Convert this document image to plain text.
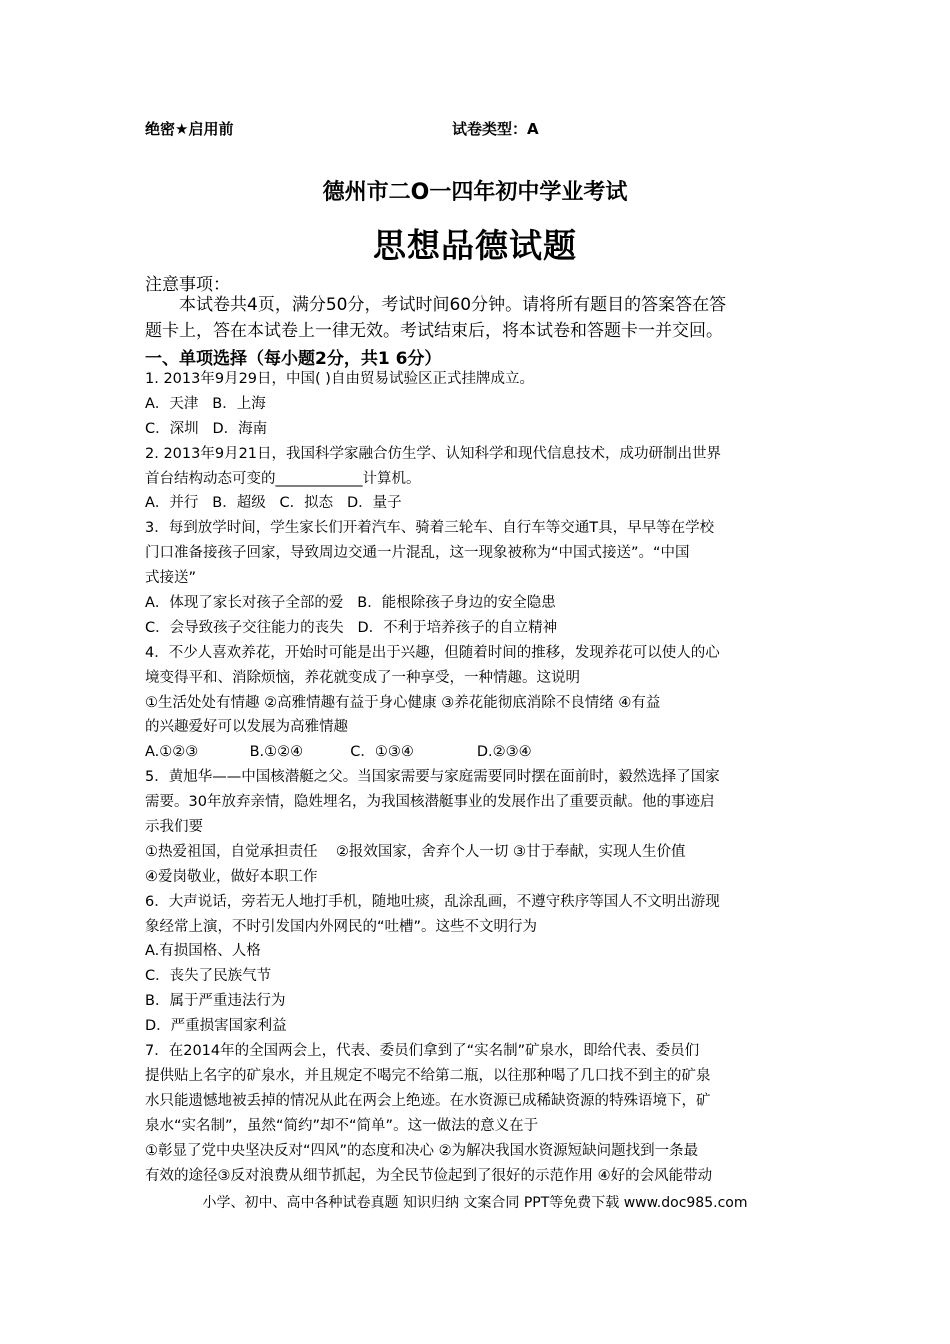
绝密★启用前	试卷类型：A
德州市二O一四年初中学业考试
思想品德试题
注意事项：
本试卷共4页，满分50分，考试时间60分钟。请将所有题目的答案答在答
题卡上，答在本试卷上一律无效。考试结束后，将本试卷和答题卡一并交回。
一、单项选择（每小题2分，共1 6分）
1. 2013年9月29日，中国( )自由贸易试验区正式挂牌成立。
A．天津 B．上海
C．深圳 D．海南
2. 2013年9月21日，我国科学家融合仿生学、认知科学和现代信息技术，成功研制出世界
首台结构动态可变的____________计算机。
A．并行 B．超级 C．拟态 D．量子
3．每到放学时间，学生家长们开着汽车、骑着三轮车、自行车等交通T具，早早等在学校
门口准备接孩子回家，导致周边交通一片混乱，这一现象被称为“中国式接送”。“中国
式接送”
A．体现了家长对孩子全部的爱 B．能根除孩子身边的安全隐患
C．会导致孩子交往能力的丧失 D．不利于培养孩子的自立精神
4．不少人喜欢养花，开始时可能是出于兴趣，但随着时间的推移，发现养花可以使人的心
境变得平和、消除烦恼，养花就变成了一种享受，一种情趣。这说明
①生活处处有情趣 ②高雅情趣有益于身心健康 ③养花能彻底消除不良情绪 ④有益
的兴趣爱好可以发展为高雅情趣
A.①②③	B.①②④	C．①③④	D.②③④
5．黄旭华——中国核潜艇之父。当国家需要与家庭需要同时摆在面前时，毅然选择了国家
需要。30年放弃亲情，隐姓埋名，为我国核潜艇事业的发展作出了重要贡献。他的事迹启
示我们要
①热爱祖国，自觉承担责任    ②报效国家，舍弃个人一切 ③甘于奉献，实现人生价值
④爱岗敬业，做好本职工作
6．大声说话，旁若无人地打手机，随地吐痰，乱涂乱画，不遵守秩序等国人不文明出游现
象经常上演，不时引发国内外网民的“吐槽”。这些不文明行为
A.有损国格、人格
C．丧失了民族气节
B．属于严重违法行为
D．严重损害国家利益
7．在2014年的全国两会上，代表、委员们拿到了“实名制”矿泉水，即给代表、委员们
提供贴上名字的矿泉水，并且规定不喝完不给第二瓶，以往那种喝了几口找不到主的矿泉
水只能遗憾地被丢掉的情况从此在两会上绝迹。在水资源已成稀缺资源的特殊语境下，矿
泉水“实名制”，虽然“简约”却不“简单”。这一做法的意义在于
①彰显了党中央坚决反对“四风”的态度和决心 ②为解决我国水资源短缺问题找到一条最
有效的途径③反对浪费从细节抓起，为全民节俭起到了很好的示范作用 ④好的会风能带动
小学、初中、高中各种试卷真题 知识归纳 文案合同 PPT等免费下载 www.doc985.com
